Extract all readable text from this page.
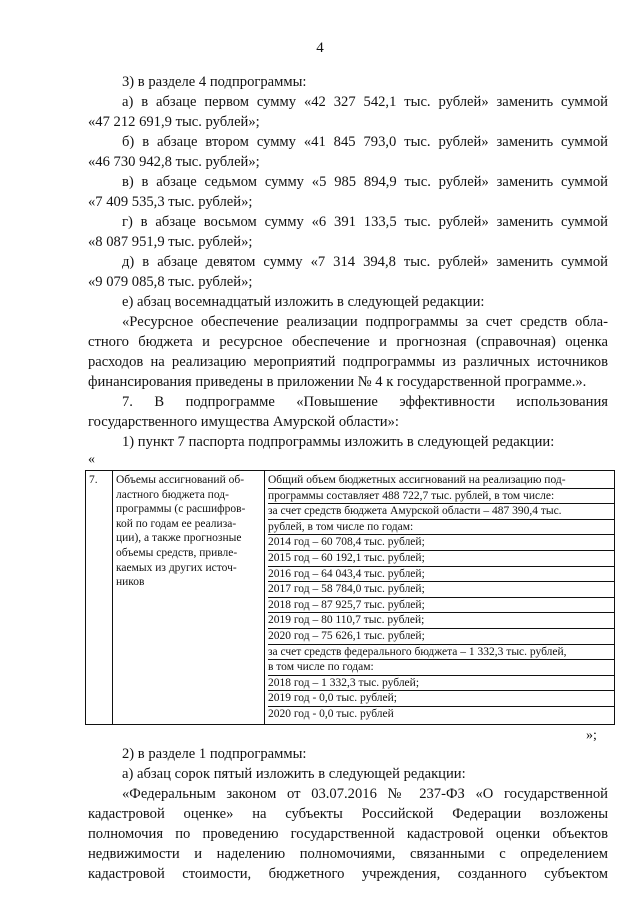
4
3) в разделе 4 подпрограммы:
а) в абзаце первом сумму «42 327 542,1 тыс. рублей» заменить суммой
«47 212 691,9 тыс. рублей»;
б) в абзаце втором сумму «41 845 793,0 тыс. рублей» заменить суммой
«46 730 942,8 тыс. рублей»;
в) в абзаце седьмом сумму «5 985 894,9 тыс. рублей» заменить суммой
«7 409 535,3 тыс. рублей»;
г) в абзаце восьмом сумму «6 391 133,5 тыс. рублей» заменить суммой
«8 087 951,9 тыс. рублей»;
д) в абзаце девятом сумму «7 314 394,8 тыс. рублей» заменить суммой
«9 079 085,8 тыс. рублей»;
е) абзац восемнадцатый изложить в следующей редакции:
«Ресурсное обеспечение реализации подпрограммы за счет средств обла-
стного бюджета и ресурсное обеспечение и прогнозная (справочная) оценка
расходов на реализацию мероприятий подпрограммы из различных источников
финансирования приведены в приложении № 4 к государственной программе.».
7. В подпрограмме «Повышение эффективности использования
государственного имущества Амурской области»:
1) пункт 7 паспорта подпрограммы изложить в следующей редакции:
«
7.	Объемы ассигнований об-
ластного бюджета под-
программы (с расшифров-
кой по годам ее реализа-
ции), а также прогнозные
объемы средств, привле-
каемых из других источ-
ников

Общий объем бюджетных ассигнований на реализацию под-
программы составляет 488 722,7 тыс. рублей, в том числе:
за счет средств бюджета Амурской области – 487 390,4 тыс.
рублей, в том числе по годам:
2014 год – 60 708,4 тыс. рублей;
2015 год – 60 192,1 тыс. рублей;
2016 год – 64 043,4 тыс. рублей;
2017 год – 58 784,0 тыс. рублей;
2018 год – 87 925,7 тыс. рублей;
2019 год – 80 110,7 тыс. рублей;
2020 год – 75 626,1 тыс. рублей;
за счет средств федерального бюджета – 1 332,3 тыс. рублей,
в том числе по годам:
2018 год – 1 332,3 тыс. рублей;
2019 год - 0,0 тыс. рублей;
2020 год - 0,0 тыс. рублей
»;
2) в разделе 1 подпрограммы:
а) абзац сорок пятый изложить в следующей редакции:
«Федеральным законом от 03.07.2016 № 237-ФЗ «О государственной
кадастровой оценке» на субъекты Российской Федерации возложены
полномочия по проведению государственной кадастровой оценки объектов
недвижимости и наделению полномочиями, связанными с определением
кадастровой стоимости, бюджетного учреждения, созданного субъектом
